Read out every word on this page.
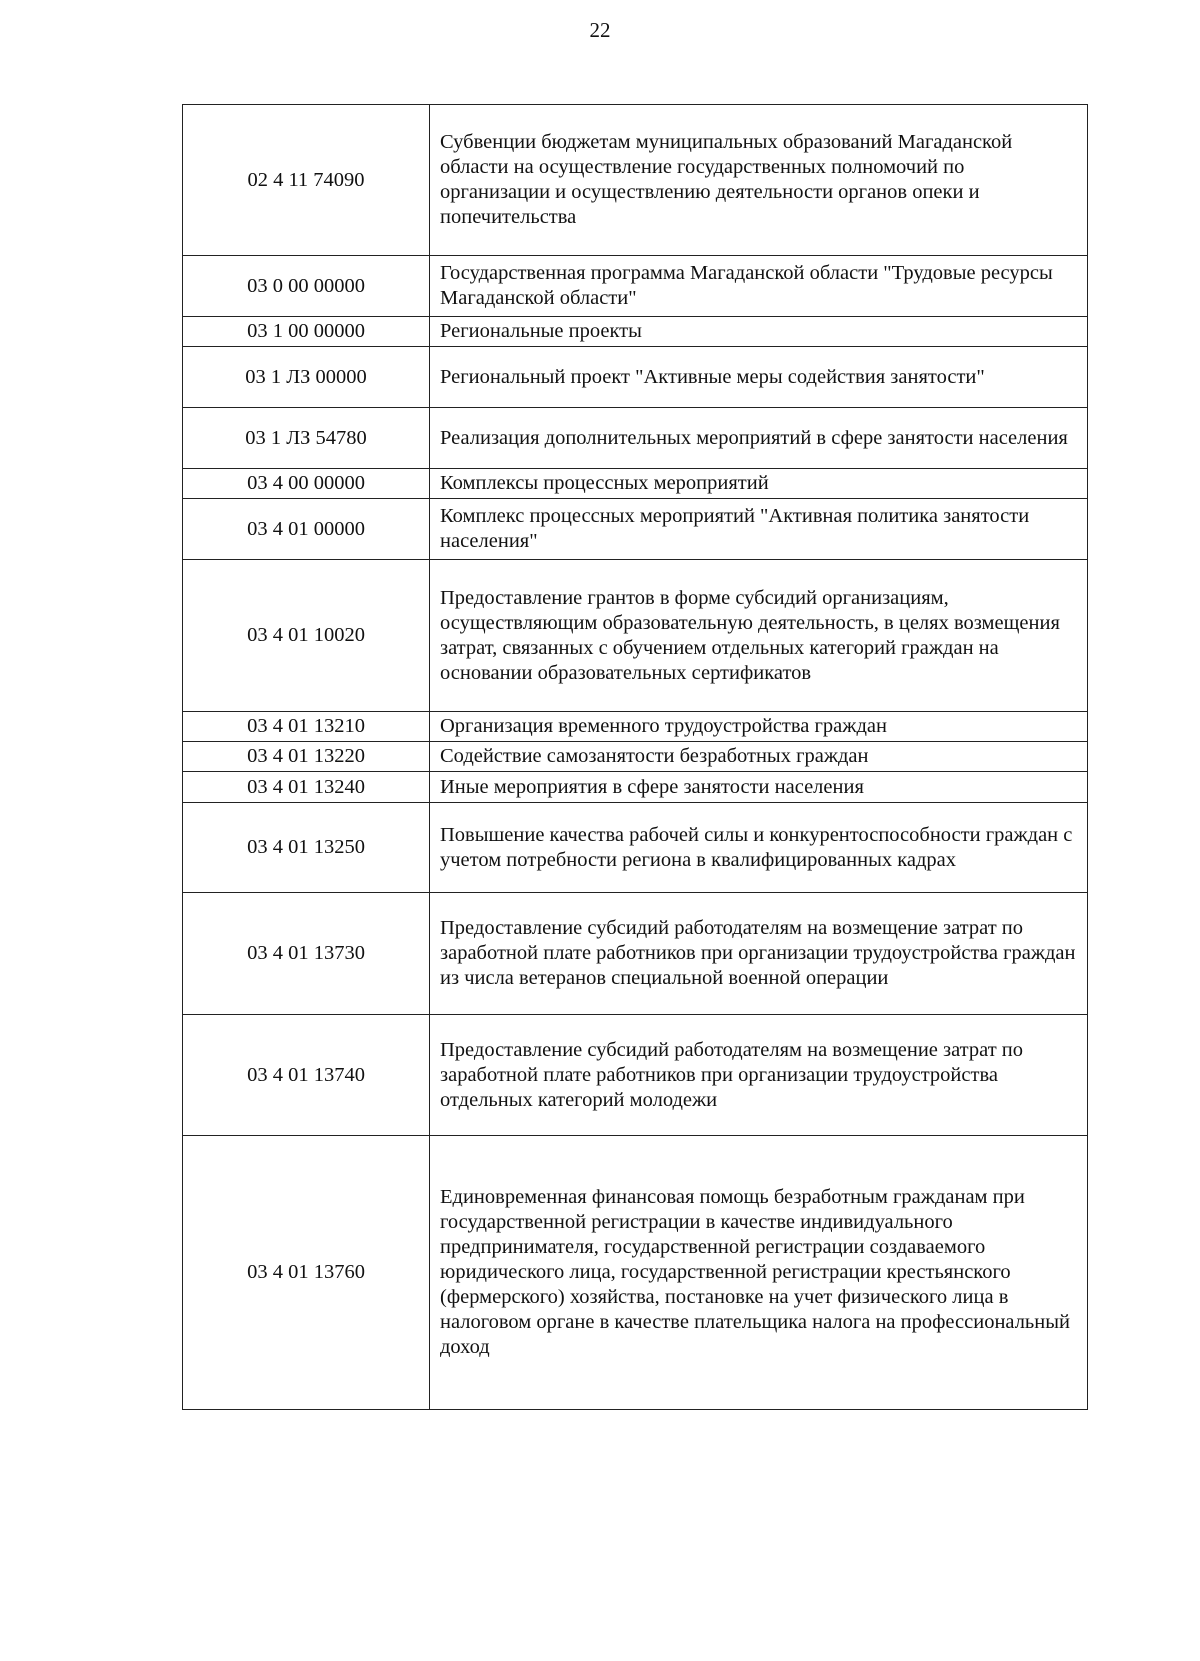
22
02 4 11 74090	Субвенции бюджетам муниципальных образований Магаданской области на осуществление государственных полномочий по организации и осуществлению деятельности органов опеки и попечительства
03 0 00 00000	Государственная программа Магаданской области "Трудовые ресурсы Магаданской области"
03 1 00 00000	Региональные проекты
03 1 ЛЗ 00000	Региональный проект "Активные меры содействия занятости"
03 1 ЛЗ 54780	Реализация дополнительных мероприятий в сфере занятости населения
03 4 00 00000	Комплексы процессных мероприятий
03 4 01 00000	Комплекс процессных мероприятий "Активная политика занятости населения"
03 4 01 10020	Предоставление грантов в форме субсидий организациям, осуществляющим образовательную деятельность, в целях возмещения затрат, связанных с обучением отдельных категорий граждан на основании образовательных сертификатов
03 4 01 13210	Организация временного трудоустройства граждан
03 4 01 13220	Содействие самозанятости безработных граждан
03 4 01 13240	Иные мероприятия в сфере занятости населения
03 4 01 13250	Повышение качества рабочей силы и конкурентоспособности граждан с учетом потребности региона в квалифицированных кадрах
03 4 01 13730	Предоставление субсидий работодателям на возмещение затрат по заработной плате работников при организации трудоустройства граждан из числа ветеранов специальной военной операции
03 4 01 13740	Предоставление субсидий работодателям на возмещение затрат по заработной плате работников при организации трудоустройства отдельных категорий молодежи
03 4 01 13760	Единовременная финансовая помощь безработным гражданам при государственной регистрации в качестве индивидуального предпринимателя, государственной регистрации создаваемого юридического лица, государственной регистрации крестьянского (фермерского) хозяйства, постановке на учет физического лица в налоговом органе в качестве плательщика налога на профессиональный доход
